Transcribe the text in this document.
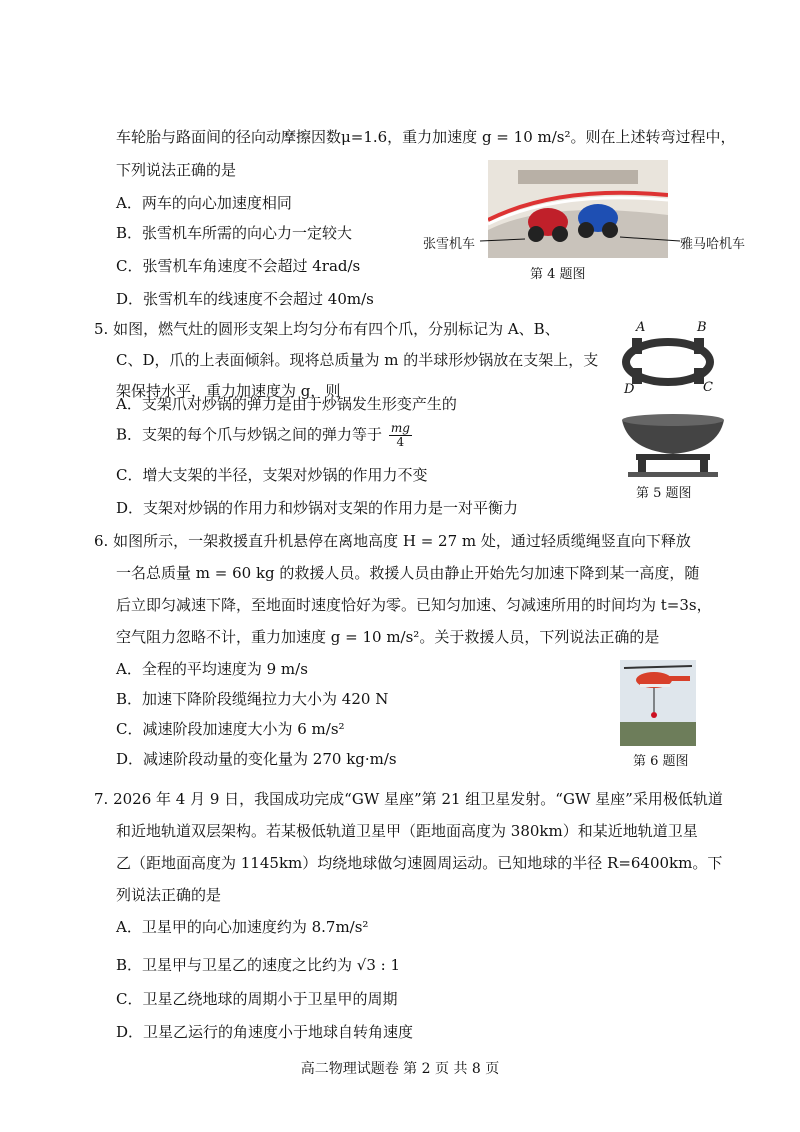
车轮胎与路面间的径向动摩擦因数μ=1.6，重力加速度 g = 10 m/s²。则在上述转弯过程中，
下列说法正确的是
A．两车的向心加速度相同
B．张雪机车所需的向心力一定较大
C．张雪机车角速度不会超过 4rad/s
D．张雪机车的线速度不会超过 40m/s
张雪机车	雅马哈机车
第 4 题图
5. 如图，燃气灶的圆形支架上均匀分布有四个爪，分别标记为 A、B、
C、D，爪的上表面倾斜。现将总质量为 m 的半球形炒锅放在支架上，支
架保持水平，重力加速度为 g，则
A．支架爪对炒锅的弹力是由于炒锅发生形变产生的
B．支架的每个爪与炒锅之间的弹力等于 $\frac{mg}{4}$
C．增大支架的半径，支架对炒锅的作用力不变
D．支架对炒锅的作用力和炒锅对支架的作用力是一对平衡力
A	B
C
D
第 5 题图
6. 如图所示，一架救援直升机悬停在离地高度 H = 27 m 处，通过轻质缆绳竖直向下释放
一名总质量 m = 60 kg 的救援人员。救援人员由静止开始先匀加速下降到某一高度，随
后立即匀减速下降，至地面时速度恰好为零。已知匀加速、匀减速所用的时间均为 t=3s，
空气阻力忽略不计，重力加速度 g = 10 m/s²。关于救援人员，下列说法正确的是
A．全程的平均速度为 9 m/s
B．加速下降阶段缆绳拉力大小为 420 N
C．减速阶段加速度大小为 6 m/s²
D．减速阶段动量的变化量为 270 kg·m/s	第 6 题图
7. 2026 年 4 月 9 日，我国成功完成“GW 星座”第 21 组卫星发射。“GW 星座”采用极低轨道
和近地轨道双层架构。若某极低轨道卫星甲（距地面高度为 380km）和某近地轨道卫星
乙（距地面高度为 1145km）均绕地球做匀速圆周运动。已知地球的半径 R=6400km。下
列说法正确的是
A．卫星甲的向心加速度约为 8.7m/s²
B．卫星甲与卫星乙的速度之比约为 √3 : 1
C．卫星乙绕地球的周期小于卫星甲的周期
D．卫星乙运行的角速度小于地球自转角速度
高二物理试题卷 第 2 页 共 8 页
